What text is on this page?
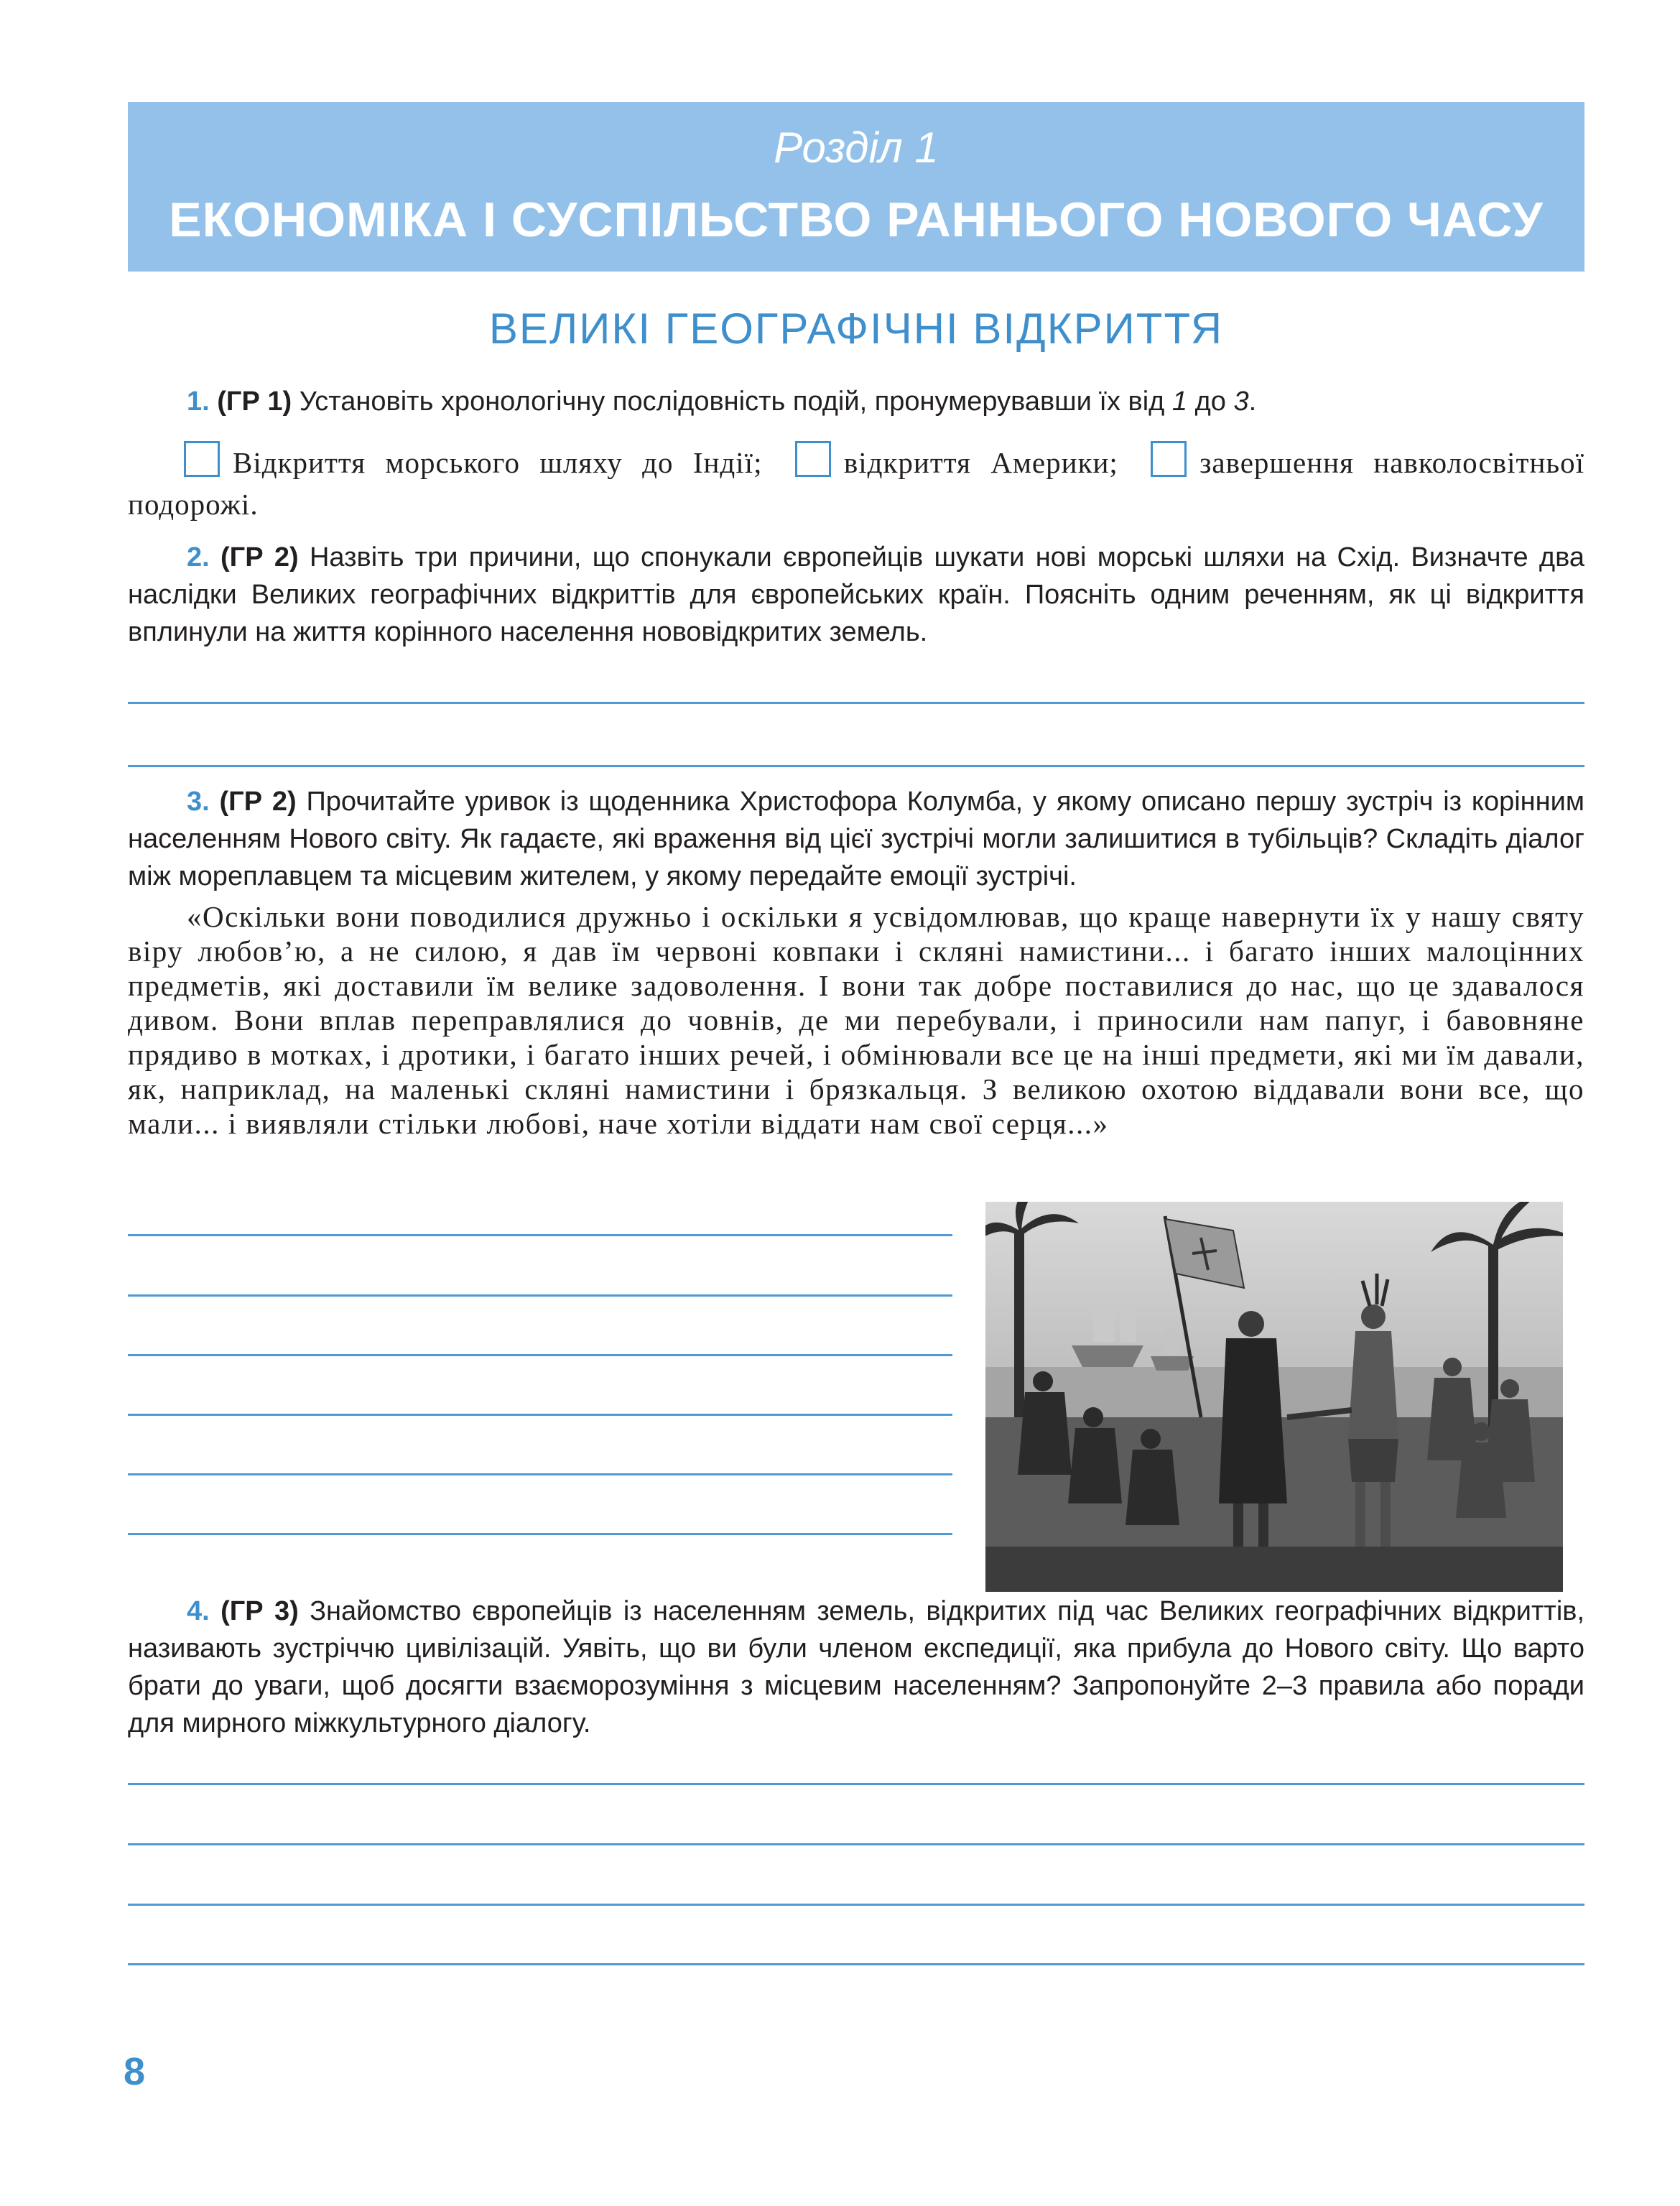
Розділ 1
ЕКОНОМІКА І СУСПІЛЬСТВО РАННЬОГО НОВОГО ЧАСУ
ВЕЛИКІ ГЕОГРАФІЧНІ ВІДКРИТТЯ
1. (ГР 1) Установіть хронологічну послідовність подій, пронумерувавши їх від 1 до 3.
Відкриття морського шляху до Індії;	відкриття Америки;	завершення навколосвітньої подорожі.
2. (ГР 2) Назвіть три причини, що спонукали європейців шукати нові морські шляхи на Схід. Визначте два наслідки Великих географічних відкриттів для європейських країн. Поясніть одним реченням, як ці відкриття вплинули на життя корінного населення нововідкритих земель.
3. (ГР 2) Прочитайте уривок із щоденника Христофора Колумба, у якому описано першу зустріч із корінним населенням Нового світу. Як гадаєте, які враження від цієї зустрічі могли залишитися в тубільців? Складіть діалог між мореплавцем та місцевим жителем, у якому передайте емоції зустрічі.
«Оскільки вони поводилися дружньо і оскільки я усвідомлював, що краще навернути їх у нашу святу віру любов’ю, а не силою, я дав їм червоні ковпаки і скляні намистини... і багато інших малоцінних предметів, які доставили їм велике задоволення. І вони так добре поставилися до нас, що це здавалося дивом. Вони вплав переправлялися до човнів, де ми перебували, і приносили нам папуг, і бавовняне прядиво в мотках, і дротики, і багато інших речей, і обмінювали все це на інші предмети, які ми їм давали, як, наприклад, на маленькі скляні намистини і брязкальця. З великою охотою віддавали вони все, що мали... і виявляли стільки любові, наче хотіли віддати нам свої серця...»
4. (ГР 3) Знайомство європейців із населенням земель, відкритих під час Великих географічних відкриттів, називають зустріччю цивілізацій. Уявіть, що ви були членом експедиції, яка прибула до Нового світу. Що варто брати до уваги, щоб досягти взаєморозуміння з місцевим населенням? Запропонуйте 2–3 правила або поради для мирного міжкультурного діалогу.
8
